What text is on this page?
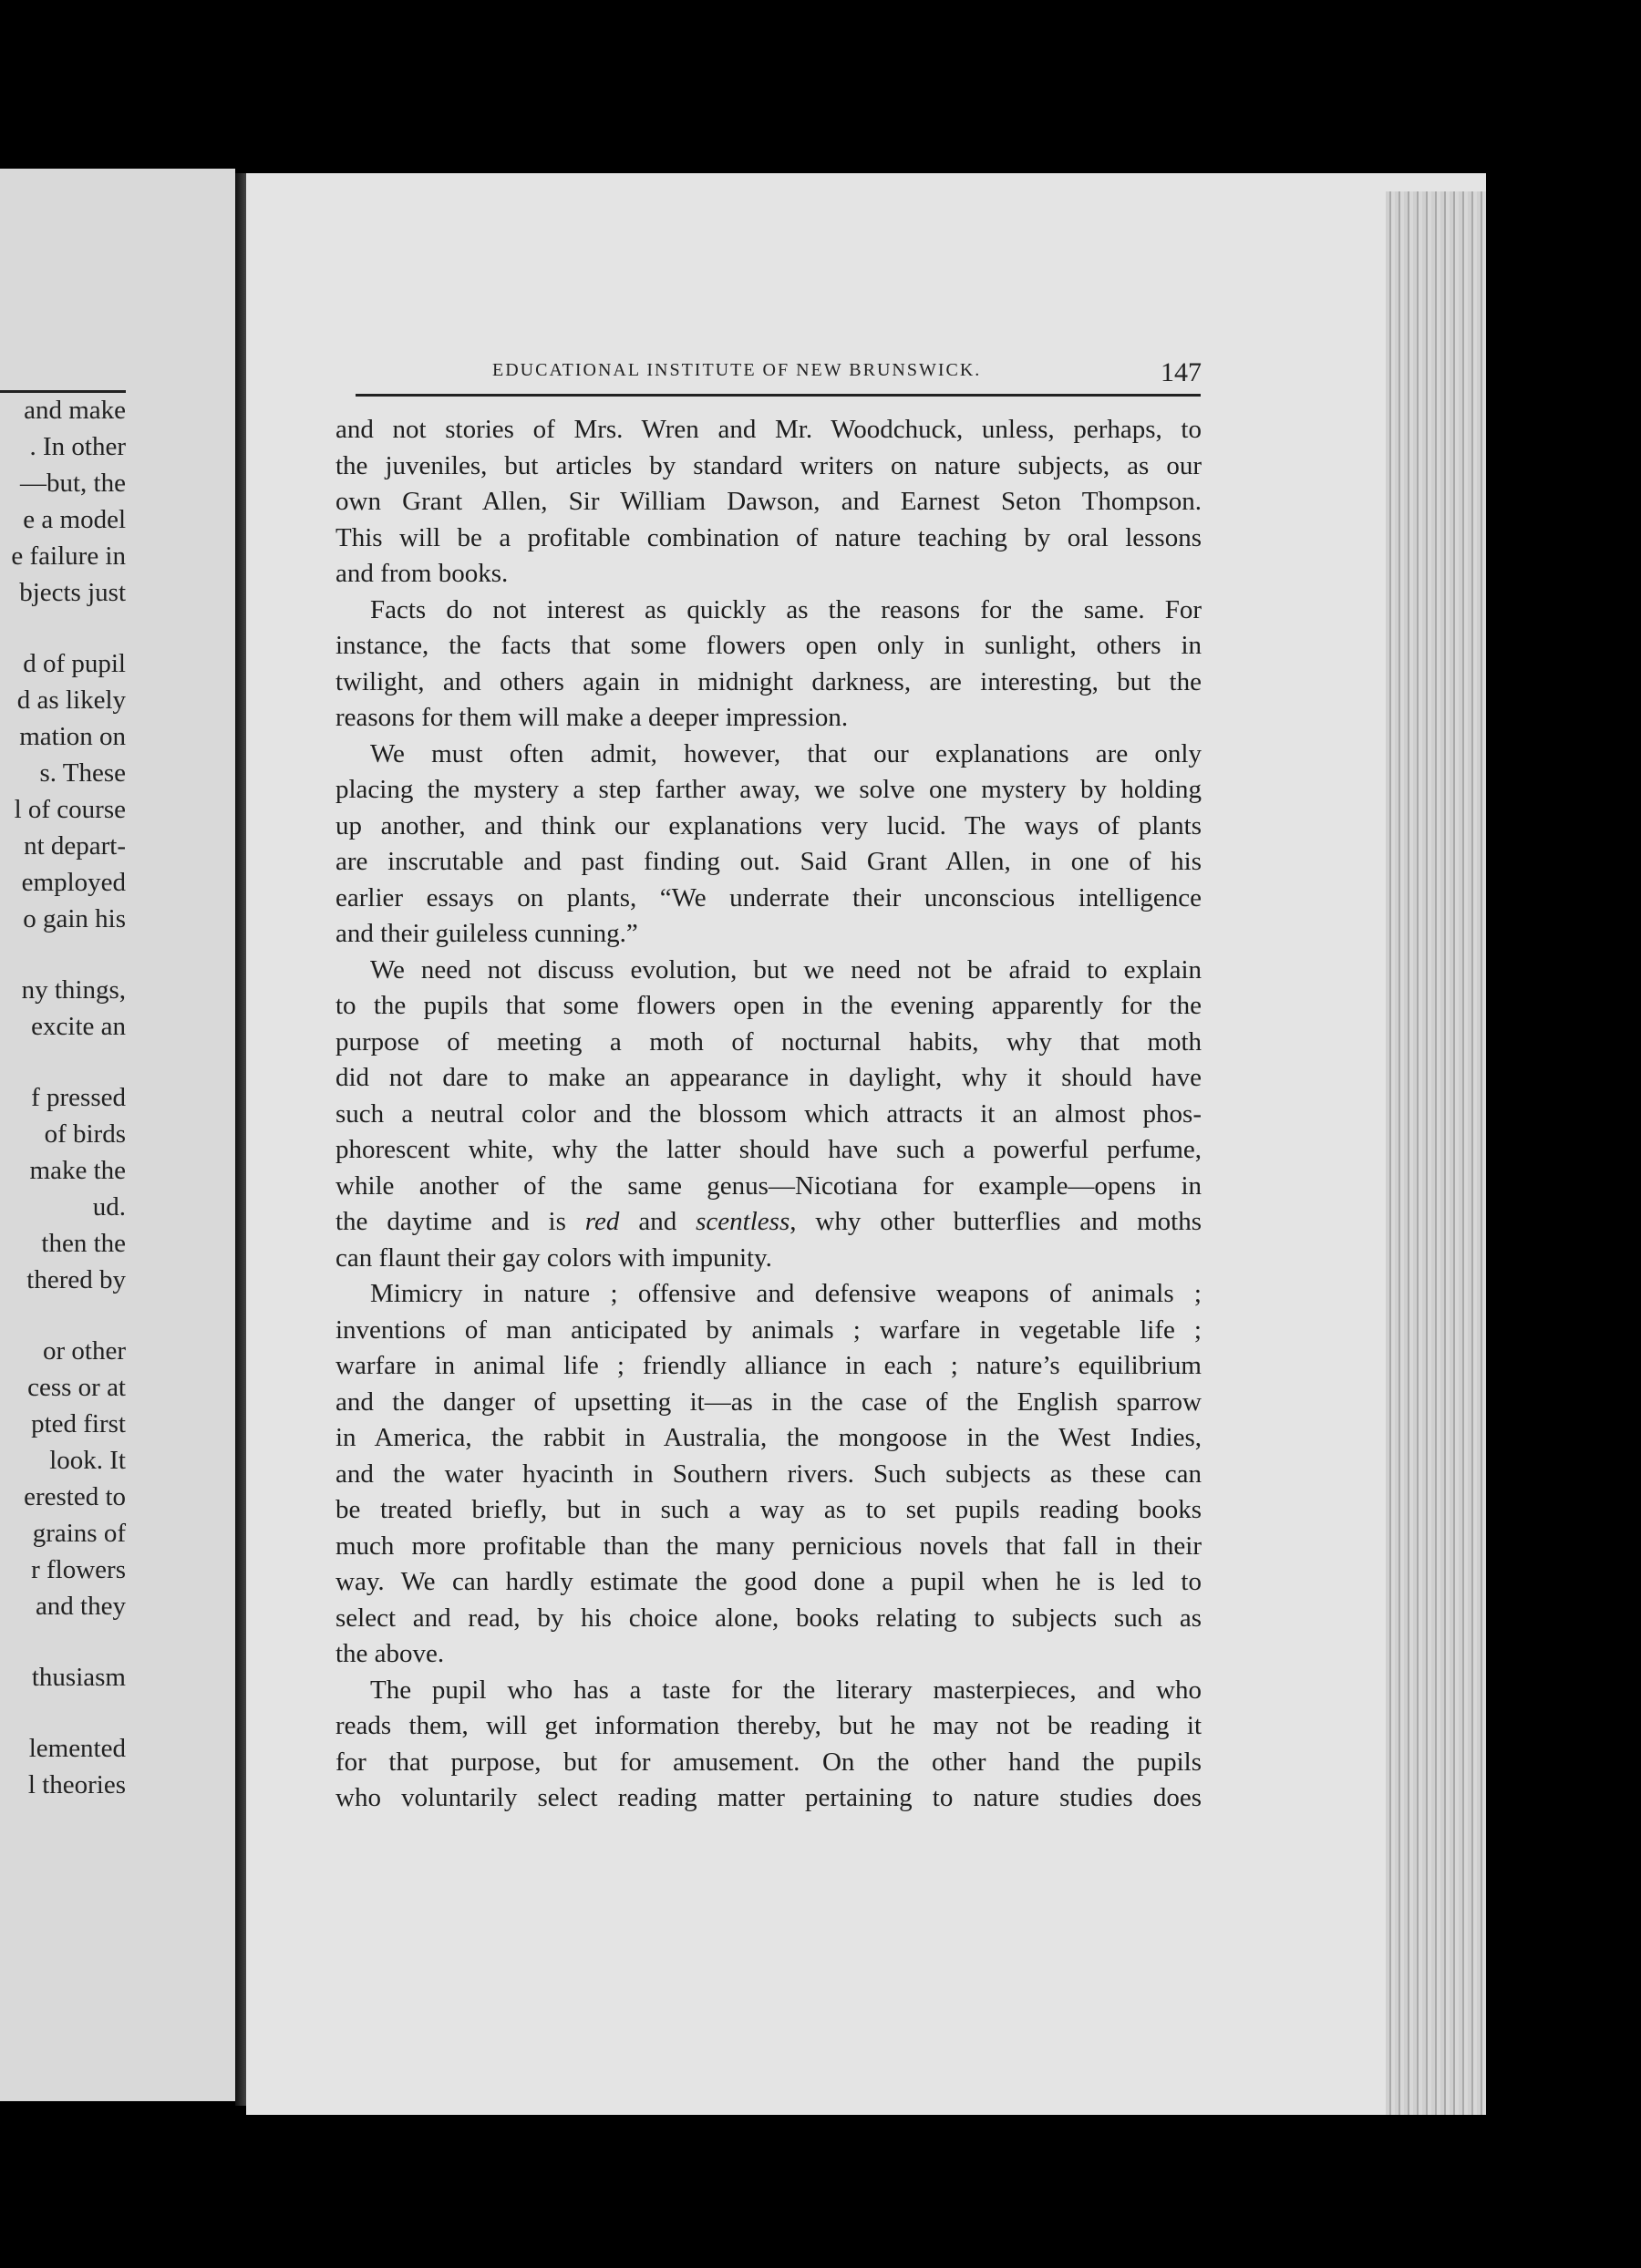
and make
. In other
—but, the
e a model
e failure in
bjects just
d of pupil
d as likely
mation on
s. These
l of course
nt depart-
employed
o gain his
ny things,
excite an
f pressed
of birds
make the
ud.
then the
thered by
or other
cess or at
pted first
look. It
erested to
grains of
r flowers
and they
thusiasm
lemented
l theories
EDUCATIONAL INSTITUTE OF NEW BRUNSWICK.	147
and not stories of Mrs. Wren and Mr. Woodchuck, unless, perhaps, to
the juveniles, but articles by standard writers on nature subjects, as our
own Grant Allen, Sir William Dawson, and Earnest Seton Thompson.
This will be a profitable combination of nature teaching by oral lessons
and from books.
Facts do not interest as quickly as the reasons for the same. For
instance, the facts that some flowers open only in sunlight, others in
twilight, and others again in midnight darkness, are interesting, but the
reasons for them will make a deeper impression.
We must often admit, however, that our explanations are only
placing the mystery a step farther away, we solve one mystery by holding
up another, and think our explanations very lucid. The ways of plants
are inscrutable and past finding out. Said Grant Allen, in one of his
earlier essays on plants, “We underrate their unconscious intelligence
and their guileless cunning.”
We need not discuss evolution, but we need not be afraid to explain
to the pupils that some flowers open in the evening apparently for the
purpose of meeting a moth of nocturnal habits, why that moth
did not dare to make an appearance in daylight, why it should have
such a neutral color and the blossom which attracts it an almost phos-
phorescent white, why the latter should have such a powerful perfume,
while another of the same genus—Nicotiana for example—opens in
the daytime and is red and scentless, why other butterflies and moths
can flaunt their gay colors with impunity.
Mimicry in nature ; offensive and defensive weapons of animals ;
inventions of man anticipated by animals ; warfare in vegetable life ;
warfare in animal life ; friendly alliance in each ; nature’s equilibrium
and the danger of upsetting it—as in the case of the English sparrow
in America, the rabbit in Australia, the mongoose in the West Indies,
and the water hyacinth in Southern rivers. Such subjects as these can
be treated briefly, but in such a way as to set pupils reading books
much more profitable than the many pernicious novels that fall in their
way. We can hardly estimate the good done a pupil when he is led to
select and read, by his choice alone, books relating to subjects such as
the above.
The pupil who has a taste for the literary masterpieces, and who
reads them, will get information thereby, but he may not be reading it
for that purpose, but for amusement. On the other hand the pupils
who voluntarily select reading matter pertaining to nature studies does
